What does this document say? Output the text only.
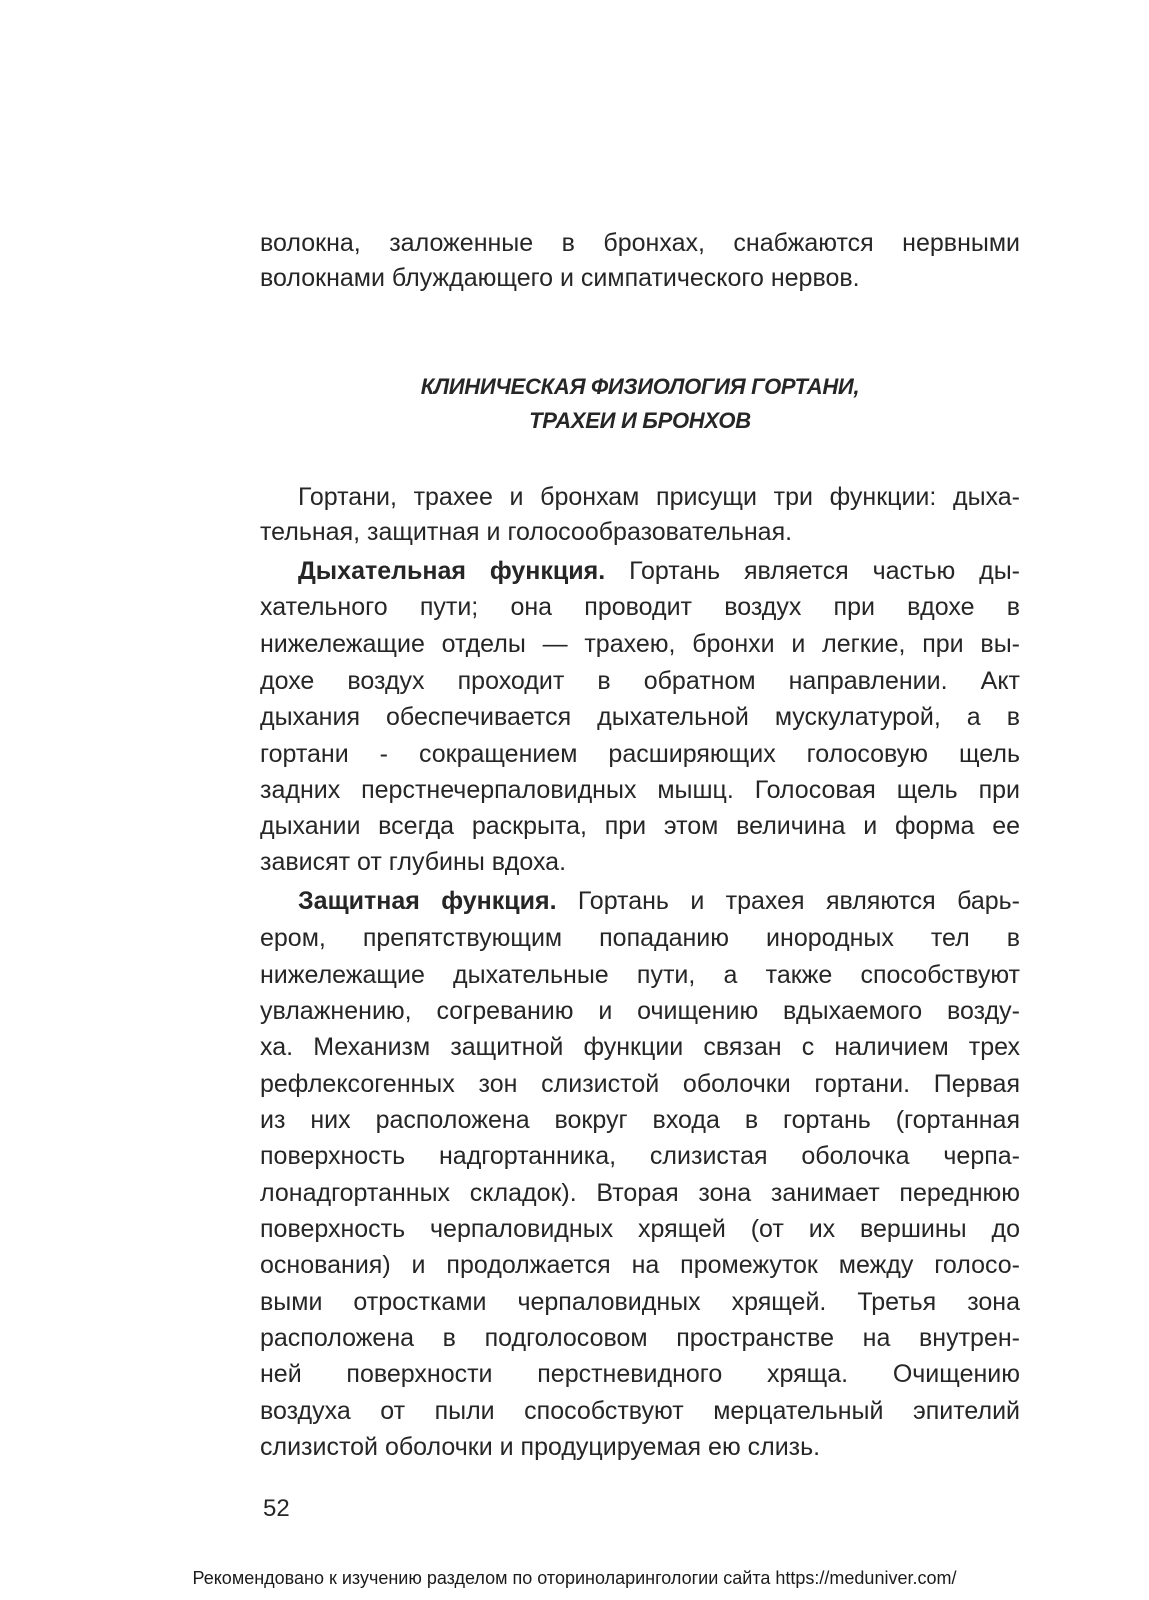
волокна, заложенные в бронхах, снабжаются нервными
волокнами блуждающего и симпатического нервов.
КЛИНИЧЕСКАЯ ФИЗИОЛОГИЯ ГОРТАНИ,
ТРАХЕИ И БРОНХОВ
Гортани, трахее и бронхам присущи три функции: дыха-
тельная, защитная и голосообразовательная.
Дыхательная функция. Гортань является частью ды-
хательного пути; она проводит воздух при вдохе в
нижележащие отделы — трахею, бронхи и легкие, при вы-
дохе воздух проходит в обратном направлении. Акт
дыхания обеспечивается дыхательной мускулатурой, а в
гортани - сокращением расширяющих голосовую щель
задних перстнечерпаловидных мышц. Голосовая щель при
дыхании всегда раскрыта, при этом величина и форма ее
зависят от глубины вдоха.
Защитная функция. Гортань и трахея являются барь-
ером, препятствующим попаданию инородных тел в
нижележащие дыхательные пути, а также способствуют
увлажнению, согреванию и очищению вдыхаемого возду-
ха. Механизм защитной функции связан с наличием трех
рефлексогенных зон слизистой оболочки гортани. Первая
из них расположена вокруг входа в гортань (гортанная
поверхность надгортанника, слизистая оболочка черпа-
лонадгортанных складок). Вторая зона занимает переднюю
поверхность черпаловидных хрящей (от их вершины до
основания) и продолжается на промежуток между голосо-
выми отростками черпаловидных хрящей. Третья зона
расположена в подголосовом пространстве на внутрен-
ней поверхности перстневидного хряща. Очищению
воздуха от пыли способствуют мерцательный эпителий
слизистой оболочки и продуцируемая ею слизь.
52
Рекомендовано к изучению разделом по оториноларингологии сайта https://meduniver.com/
